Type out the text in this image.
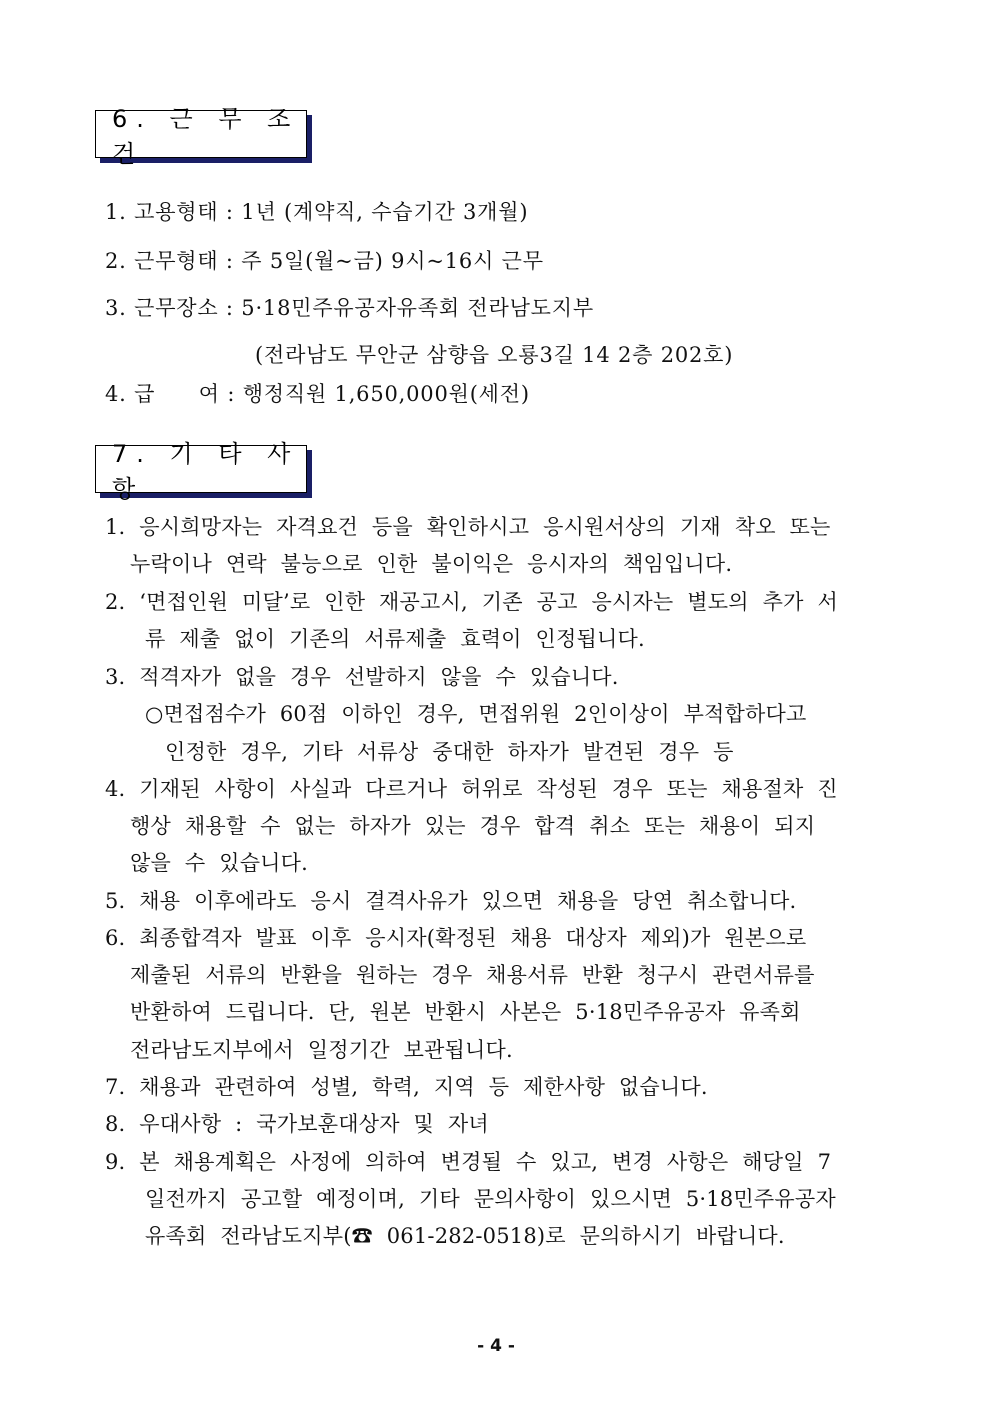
6. 근 무 조 건
1. 고용형태 : 1년 (계약직, 수습기간 3개월)
2. 근무형태 : 주 5일(월~금) 9시~16시 근무
3. 근무장소 : 5·18민주유공자유족회 전라남도지부
(전라남도 무안군 삼향읍 오룡3길 14 2층 202호)
4. 급　　여 : 행정직원 1,650,000원(세전)
7. 기 타 사 항
1. 응시희망자는 자격요건 등을 확인하시고 응시원서상의 기재 착오 또는
누락이나 연락 불능으로 인한 불이익은 응시자의 책임입니다.
2. ‘면접인원 미달’로 인한 재공고시, 기존 공고 응시자는 별도의 추가 서
류 제출 없이 기존의 서류제출 효력이 인정됩니다.
3. 적격자가 없을 경우 선발하지 않을 수 있습니다.
○면접점수가 60점 이하인 경우, 면접위원 2인이상이 부적합하다고
인정한 경우, 기타 서류상 중대한 하자가 발견된 경우 등
4. 기재된 사항이 사실과 다르거나 허위로 작성된 경우 또는 채용절차 진
행상 채용할 수 없는 하자가 있는 경우 합격 취소 또는 채용이 되지
않을 수 있습니다.
5. 채용 이후에라도 응시 결격사유가 있으면 채용을 당연 취소합니다.
6. 최종합격자 발표 이후 응시자(확정된 채용 대상자 제외)가 원본으로
제출된 서류의 반환을 원하는 경우 채용서류 반환 청구시 관련서류를
반환하여 드립니다. 단, 원본 반환시 사본은 5·18민주유공자 유족회
전라남도지부에서 일정기간 보관됩니다.
7. 채용과 관련하여 성별, 학력, 지역 등 제한사항 없습니다.
8. 우대사항 : 국가보훈대상자 및 자녀
9. 본 채용계획은 사정에 의하여 변경될 수 있고, 변경 사항은 해당일 7
일전까지 공고할 예정이며, 기타 문의사항이 있으시면 5·18민주유공자
유족회 전라남도지부(☎ 061-282-0518)로 문의하시기 바랍니다.
- 4 -
